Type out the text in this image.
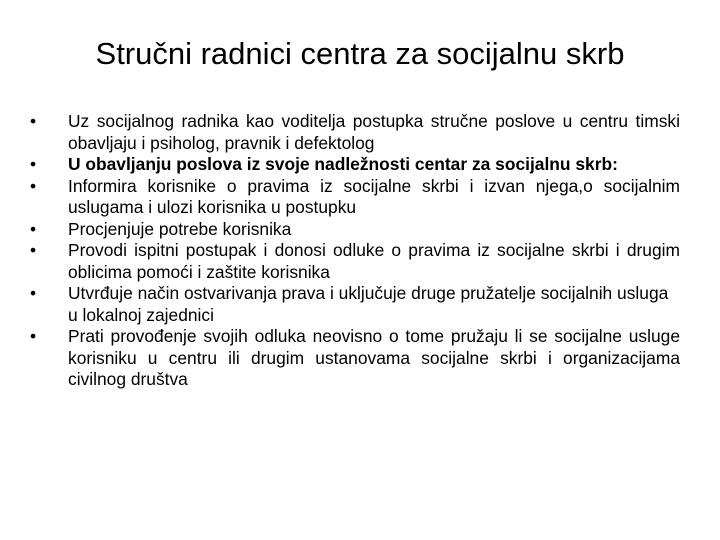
Stručni radnici centra za socijalnu skrb
•	Uz socijalnog radnika kao voditelja postupka stručne poslove u centru timski obavljaju i psiholog, pravnik i defektolog
•	U obavljanju poslova iz svoje nadležnosti centar za socijalnu skrb:
•	Informira korisnike o pravima iz socijalne skrbi i izvan njega,o socijalnim uslugama i ulozi korisnika u postupku
•	Procjenjuje potrebe korisnika
•	Provodi ispitni postupak i donosi odluke o pravima iz socijalne skrbi i drugim oblicima pomoći i zaštite korisnika
•	Utvrđuje način ostvarivanja prava i uključuje druge pružatelje socijalnih usluga u lokalnoj zajednici
•	Prati provođenje svojih odluka neovisno o tome pružaju li se socijalne usluge korisniku u centru ili drugim ustanovama socijalne skrbi i organizacijama civilnog društva
